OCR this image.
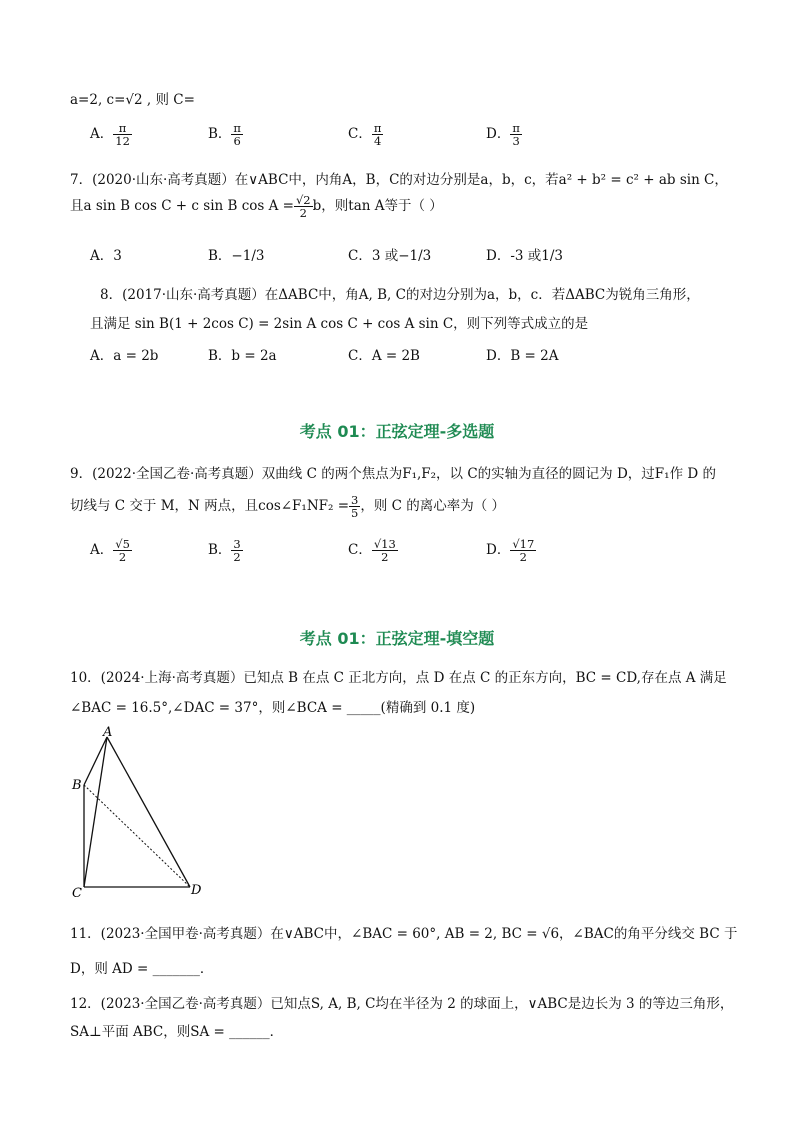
a=2, c=√2 , 则 C=
A． $\frac{\pi}{12}$	B． $\frac{\pi}{6}$	C． $\frac{\pi}{4}$	D． $\frac{\pi}{3}$
7．(2020·山东·高考真题）在∨ABC中，内角A，B，C的对边分别是a，b，c，若a² + b² = c² + ab sin C，
且a sin B cos C + c sin B $\cos A = \frac{√2}{2}$ b，则tan A等于（ ）
A．3	B．−1/3	C．3 或−1/3	D．-3 或1/3
8．(2017·山东·高考真题）在ΔABC中，角A, B, C的对边分别为a，b，c．若ΔABC为锐角三角形，
且满足 sin B(1 + 2cos C) = 2sin A cos C + cos A sin C，则下列等式成立的是
A．a = 2b	B．b = 2a	C．A = 2B	D．B = 2A
考点 01：正弦定理-多选题
9．(2022·全国乙卷·高考真题）双曲线 C 的两个焦点为F₁,F₂，以 C的实轴为直径的圆记为 D，过F₁作 D 的
切线与 C 交于 M，N 两点，且cos∠F₁NF₂ = $\frac{3}{5}$ ，则 C 的离心率为（ ）
A． $\frac{√5}{2}$	B． $\frac{3}{2}$	C． $\frac{√13}{2}$	D． $\frac{√17}{2}$
考点 01：正弦定理-填空题
10．(2024·上海·高考真题）已知点 B 在点 C 正北方向，点 D 在点 C 的正东方向，BC = CD,存在点 A 满足
∠BAC = 16.5°,∠DAC = 37°，则∠BCA = _____(精确到 0.1 度)
A
B
C	D
11．(2023·全国甲卷·高考真题）在∨ABC中，∠BAC = 60°, AB = 2, BC = √6，∠BAC的角平分线交 BC 于
D，则 AD = _______．
12．(2023·全国乙卷·高考真题）已知点S, A, B, C均在半径为 2 的球面上，∨ABC是边长为 3 的等边三角形，
SA⊥平面 ABC，则SA = ______．
